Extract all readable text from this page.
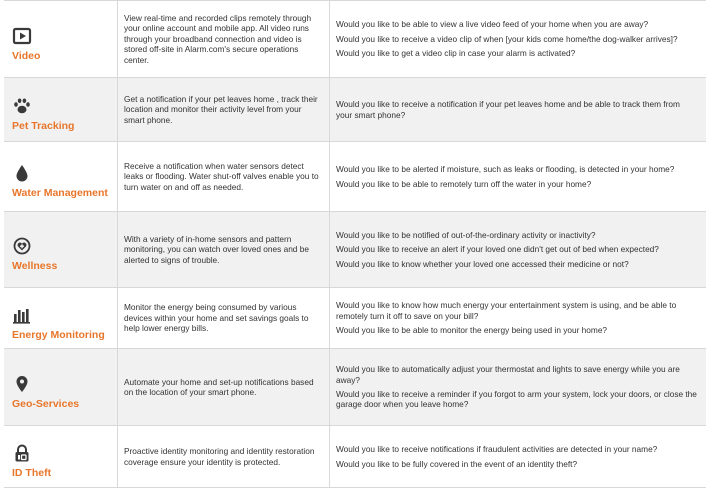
Video
View real-time and recorded clips remotely through your online account and mobile app. All video runs through your broadband connection and video is stored off-site in Alarm.com's secure operations center.
Would you like to be able to view a live video feed of your home when you are away?
Would you like to receive a video clip of when [your kids come home/the dog-walker arrives]?
Would you like to get a video clip in case your alarm is activated?
Pet Tracking
Get a notification if your pet leaves home , track their location and monitor their activity level from your smart phone.
Would you like to receive a notification if your pet leaves home and be able to track them from your smart phone?
Water Management
Receive a notification when water sensors detect leaks or flooding. Water shut-off valves enable you to turn water on and off as needed.
Would you like to be alerted if moisture, such as leaks or flooding, is detected in your home?
Would you like to be able to remotely turn off the water in your home?
Wellness
With a variety of in-home sensors and pattern monitoring, you can watch over loved ones and be alerted to signs of trouble.
Would you like to be notified of out-of-the-ordinary activity or inactivity?
Would you like to receive an alert if your loved one didn't get out of bed when expected?
Would you like to know whether your loved one accessed their medicine or not?
Energy Monitoring
Monitor the energy being consumed by various devices within your home and set savings goals to help lower energy bills.
Would you like to know how much energy your entertainment system is using, and be able to remotely turn it off to save on your bill?
Would you like to be able to monitor the energy being used in your home?
Geo-Services
Automate your home and set-up notifications based on the location of your smart phone.
Would you like to automatically adjust your thermostat and lights to save energy while you are away?
Would you like to receive a reminder if you forgot to arm your system, lock your doors, or close the garage door when you leave home?
ID Theft
Proactive identity monitoring and identity restoration coverage ensure your identity is protected.
Would you like to receive notifications if fraudulent activities are detected in your name?
Would you like to be fully covered in the event of an identity theft?
